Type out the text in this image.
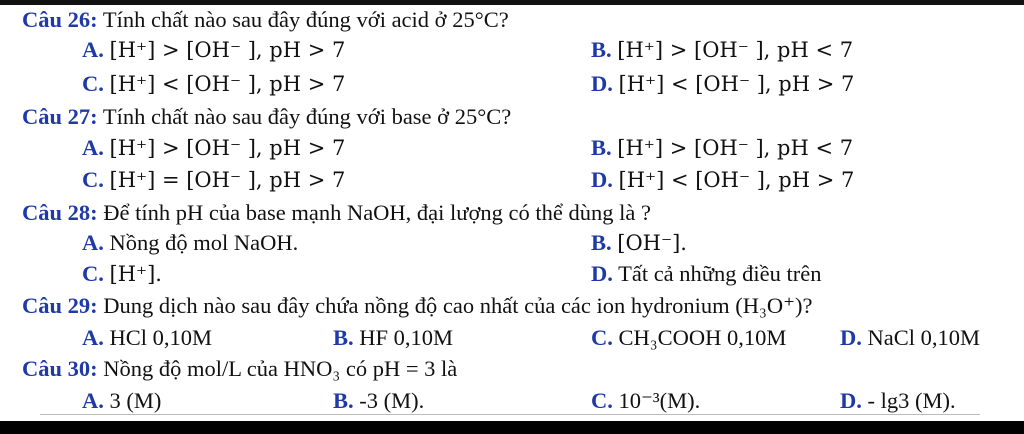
Câu 26: Tính chất nào sau đây đúng với acid ở 25°C?
A. [H⁺] > [OH⁻ ], pH > 7	B. [H⁺] > [OH⁻ ], pH < 7
C. [H⁺] < [OH⁻ ], pH > 7	D. [H⁺] < [OH⁻ ], pH > 7
Câu 27: Tính chất nào sau đây đúng với base ở 25°C?
A. [H⁺] > [OH⁻ ], pH > 7	B. [H⁺] > [OH⁻ ], pH < 7
C. [H⁺] = [OH⁻ ], pH > 7	D. [H⁺] < [OH⁻ ], pH > 7
Câu 28: Để tính pH của base mạnh NaOH, đại lượng có thể dùng là ?
A. Nồng độ mol NaOH.	B. [OH⁻].
C. [H⁺].	D. Tất cả những điều trên
Câu 29: Dung dịch nào sau đây chứa nồng độ cao nhất của các ion hydronium (H₃O⁺)?
A. HCl 0,10M	B. HF 0,10M	C. CH₃COOH 0,10M D. NaCl 0,10M
Câu 30: Nồng độ mol/L của HNO₃ có pH = 3 là
A. 3 (M)	B. -3 (M).	C. 10⁻³(M).	D. - lg3 (M).
